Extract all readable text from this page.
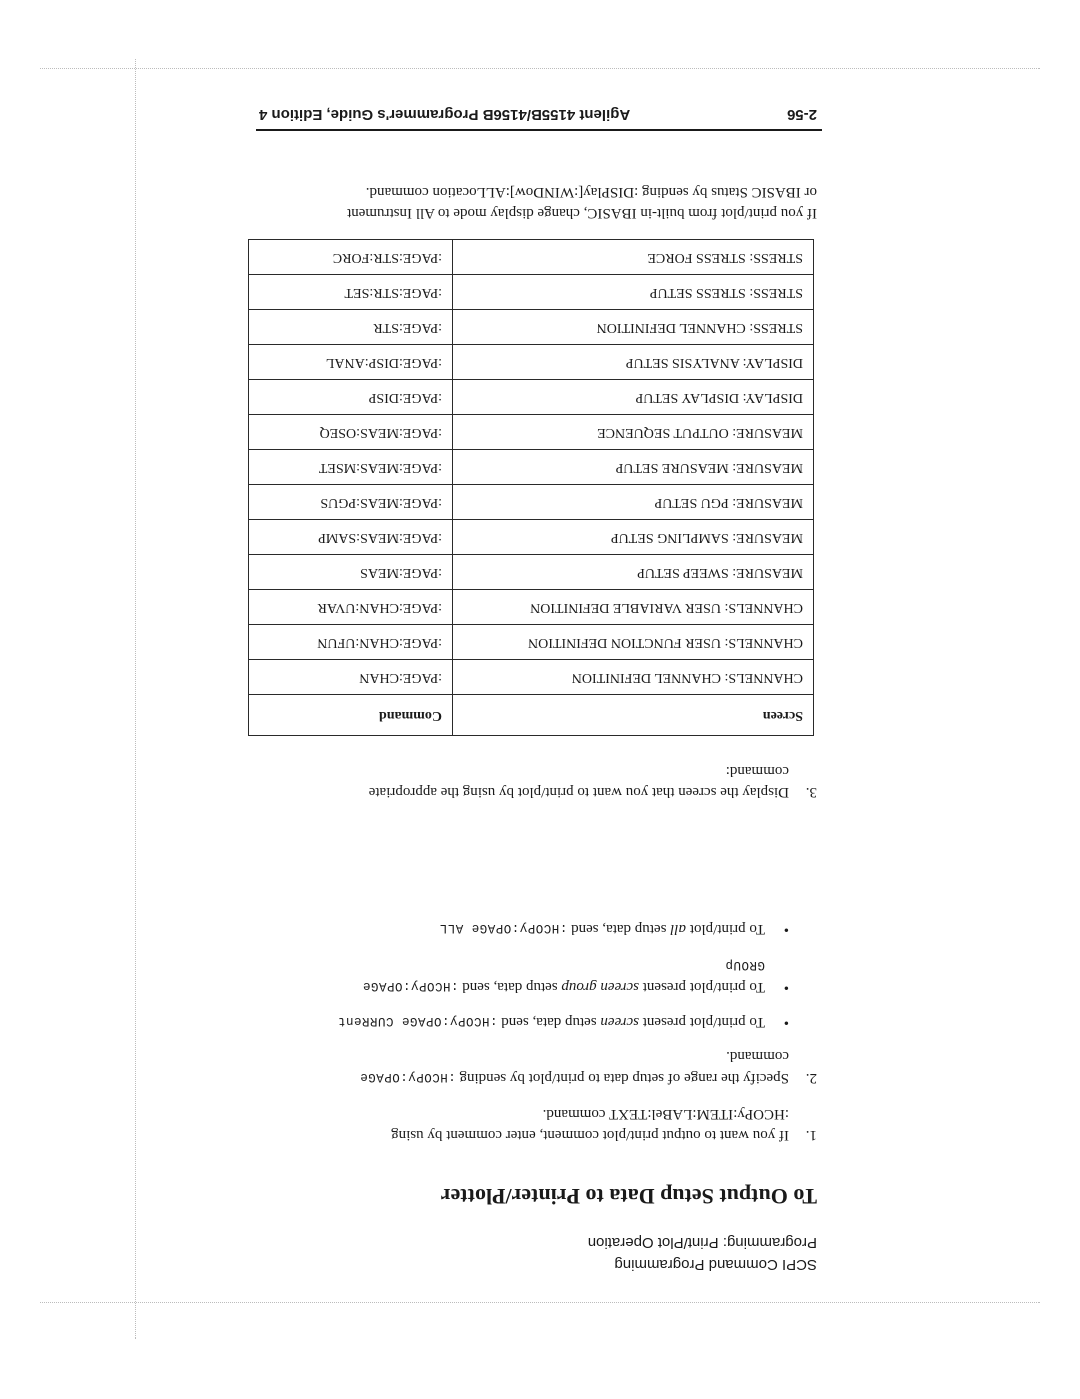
SCPI Command Programming
Programming: Print/Plot Operation
To Output Setup Data to Printer/Plotter
1.
If you want to output print/plot comment, enter comment by using
:HCOPy:ITEM:LABel:TEXT command.
2.
Specify the range of setup data to print/plot by sending :HCOPy:OPAGe
command.
•
To print/plot present screen setup data, send :HCOPy:OPAGe CURRent
•
To print/plot present screen group setup data, send :HCOPy:OPAGe
GROUp
•
To print/plot all setup data, send :HCOPy:OPAGe ALL
3.
Display the screen that you want to print/plot by using the appropriate
command:
Screen	Command
CHANNELS: CHANNEL DEFINITION	:PAGE:CHAN
CHANNELS: USER FUNCTION DEFINITION	:PAGE:CHAN:UFUN
CHANNELS: USER VARIABLE DEFINITION	:PAGE:CHAN:UVAR
MEASURE: SWEEP SETUP	:PAGE:MEAS
MEASURE: SAMPLING SETUP	:PAGE:MEAS:SAMP
MEASURE: PGU SETUP	:PAGE:MEAS:PGUS
MEASURE: MEASURE SETUP	:PAGE:MEAS:MSET
MEASURE: OUTPUT SEQUENCE	:PAGE:MEAS:OSEQ
DISPLAY: DISPLAY SETUP	:PAGE:DISP
DISPLAY: ANALYSIS SETUP	:PAGE:DISP:ANAL
STRESS: CHANNEL DEFINITION	:PAGE:STR
STRESS: STRESS SETUP	:PAGE:STR:SET
STRESS: STRESS FORCE	:PAGE:STR:FORC
If you print/plot from built-in IBASIC, change display mode to All Instrument
or IBASIC Status by sending :DISPlay[:WINDow]:ALLocation command.
2-56
Agilent 4155B/4156B Programmer's Guide, Edition 4
